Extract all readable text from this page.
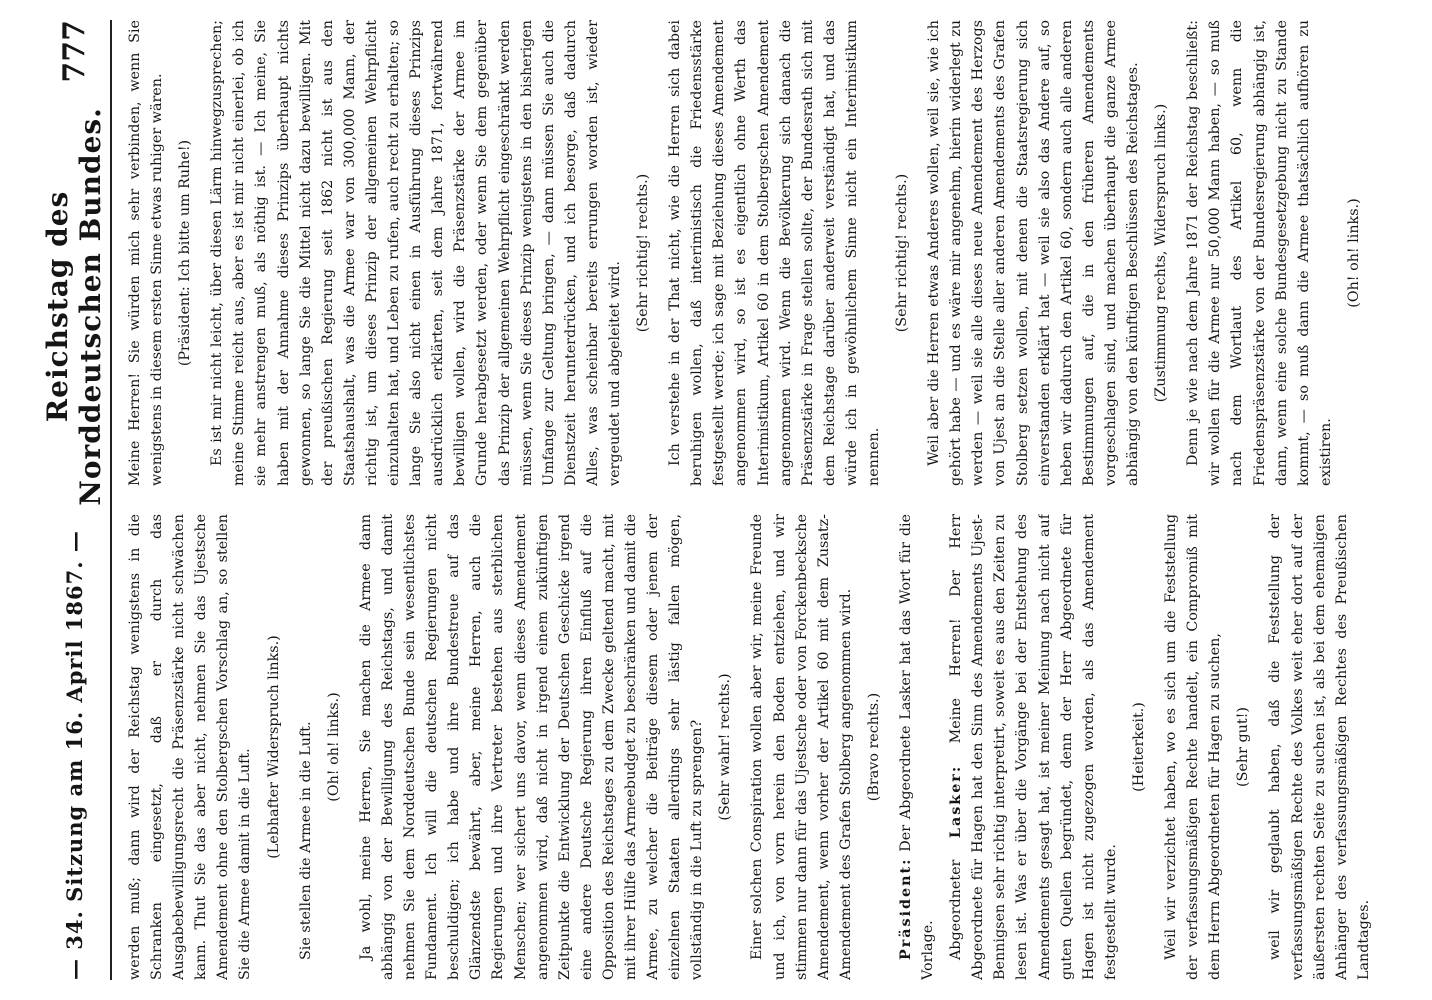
— 34. Sitzung am 16. April 1867. —
Reichstag des Norddeutschen Bundes.
777

werden muß; dann wird der Reichstag wenigstens in die Schranken eingesetzt, daß er durch das Ausgabebewilligungsrecht die Präsenzstärke nicht schwächen kann. Thut Sie das aber nicht, nehmen Sie das Ujestsche Amendement ohne den Stolbergschen Vorschlag an, so stellen Sie die Armee damit in die Luft.

(Lebhafter Widerspruch links.) Sie stellen die Armee in die Luft. (Oh! oh! links.) Ja wohl, meine Herren, Sie machen die Armee dann abhängig von der Bewilligung des Reichstags, und damit nehmen Sie dem Norddeutschen Bunde sein wesentlichstes Fundament. Ich will die deutschen Regierungen nicht beschuldigen; ich habe und ihre Bundestreue auf das Glänzendste bewährt, aber, meine Herren, auch die Regierungen und ihre Vertreter bestehen aus sterblichen Menschen; wer sichert uns davor, wenn dieses Amendement angenommen wird, daß nicht in irgend einem zukünftigen Zeitpunkte die Entwicklung der Deutschen Geschicke irgend eine andere Deutsche Regierung ihren Einfluß auf die Opposition des Reichstages zu dem Zwecke geltend macht, mit mit ihrer Hülfe das Armeebudget zu beschränken und damit die Armee, zu welcher die Beiträge diesem oder jenem der einzelnen Staaten allerdings sehr lästig fallen mögen, vollständig in die Luft zu sprengen? (Sehr wahr! rechts.) Einer solchen Conspiration wollen aber wir, meine Freunde und ich, von vorn herein den Boden entziehen, und wir stimmen nur dann für das Ujestsche oder von Forckenbecksche Amendement, wenn vorher der Artikel 60 mit dem Zusatz-Amendement des Grafen Stolberg angenommen wird. (Bravo rechts.)

Präsident: Der Abgeordnete Lasker hat das Wort für die Vorlage. Abgeordneter Lasker: Meine Herren! Der Herr Abgeordnete für Hagen hat den Sinn des Amendements Ujest-Bennigsen sehr richtig interpretirt, soweit es aus den Zeiten zu lesen ist. Was er über die Vorgänge bei der Entstehung des Amendements gesagt hat, ist meiner Meinung nach nicht auf guten Quellen begründet, denn der Herr Abgeordnete für Hagen ist nicht zugezogen worden, als das Amendement festgestellt wurde.

(Heiterkeit.) Weil wir verzichtet haben, wo es sich um die Feststellung der verfassungsmäßigen Rechte handelt, ein Compromiß mit dem Herrn Abgeordneten für Hagen zu suchen, (Sehr gut!) weil wir geglaubt haben, daß die Feststellung der verfassungsmäßigen Rechte des Volkes weit eher dort auf der äußersten rechten Seite zu suchen ist, als bei dem ehemaligen Anhänger des verfassungsmäßigen Rechtes des Preußischen Landtages.

Meine Herren! Sie würden mich sehr verbinden, wenn Sie wenigstens in diesem ersten Sinne etwas ruhiger wären. (Präsident: Ich bitte um Ruhe!) Es ist mir nicht leicht, über diesen Lärm hinwegzusprechen; meine Stimme reicht aus, aber es ist mir nicht einerlei, ob ich sie mehr anstrengen muß, als nöthig ist. — Ich meine, Sie haben mit der Annahme dieses Prinzips überhaupt nichts gewonnen, so lange Sie die Mittel nicht dazu bewilligen. Mit der preußischen Regierung seit 1862 nicht ist aus den Staatshaushalt, was die Armee war von 300,000 Mann, der richtig ist, um dieses Prinzip der allgemeinen Wehrpflicht einzuhalten hat, und Leben zu rufen, auch recht zu erhalten; so lange Sie also nicht einen in Ausführung dieses Prinzips ausdrücklich erklärten, seit dem Jahre 1871, fortwährend bewilligen wollen, wird die Präsenzstärke der Armee im Grunde herabgesetzt werden, oder wenn Sie dem gegenüber das Prinzip der allgemeinen Wehrpflicht eingeschränkt werden müssen, wenn Sie dieses Prinzip wenigstens in den bisherigen Umfange zur Geltung bringen, — dann müssen Sie auch die Dienstzeit herunterdrücken, und ich besorge, daß dadurch Alles, was scheinbar bereits errungen worden ist, wieder vergeudet und abgeleitet wird.

(Sehr richtig! rechts.) Ich verstehe in der That nicht, wie die Herren sich dabei beruhigen wollen, daß interimistisch die Friedensstärke festgestellt werde; ich sage mit Beziehung dieses Amendement angenommen wird, so ist es eigentlich ohne Werth das Interimistikum, Artikel 60 in dem Stolbergschen Amendement angenommen wird. Wenn die Bevölkerung sich danach die Präsenzstärke in Frage stellen sollte, der Bundesrath sich mit dem Reichstage darüber anderweit verständigt hat, und das würde ich in gewöhnlichem Sinne nicht ein Interimistikum nennen.

(Sehr richtig! rechts.) Weil aber die Herren etwas Anderes wollen, weil sie, wie ich gehört habe — und es wäre mir angenehm, hierin widerlegt zu werden — weil sie alle dieses neue Amendement des Herzogs von Ujest an die Stelle aller anderen Amendements des Grafen Stolberg setzen wollen, mit denen die Staatsregierung sich einverstanden erklärt hat — weil sie also das Andere auf, so heben wir dadurch den Artikel 60, sondern auch alle anderen Bestimmungen auf, die in den früheren Amendements vorgeschlagen sind, und machen überhaupt die ganze Armee abhängig von den künftigen Beschlüssen des Reichstages. (Zustimmung rechts, Widerspruch links.) Denn je wie nach dem Jahre 1871 der Reichstag beschließt: wir wollen für die Armee nur 50,000 Mann haben, — so muß nach dem Wortlaut des Artikel 60, wenn die Friedenspräsenzstärke von der Bundesregierung abhängig ist, dann, wenn eine solche Bundesgesetzgebung nicht zu Stande kommt, — so muß dann die Armee thatsächlich aufhören zu existiren.

(Oh! oh! links.)
